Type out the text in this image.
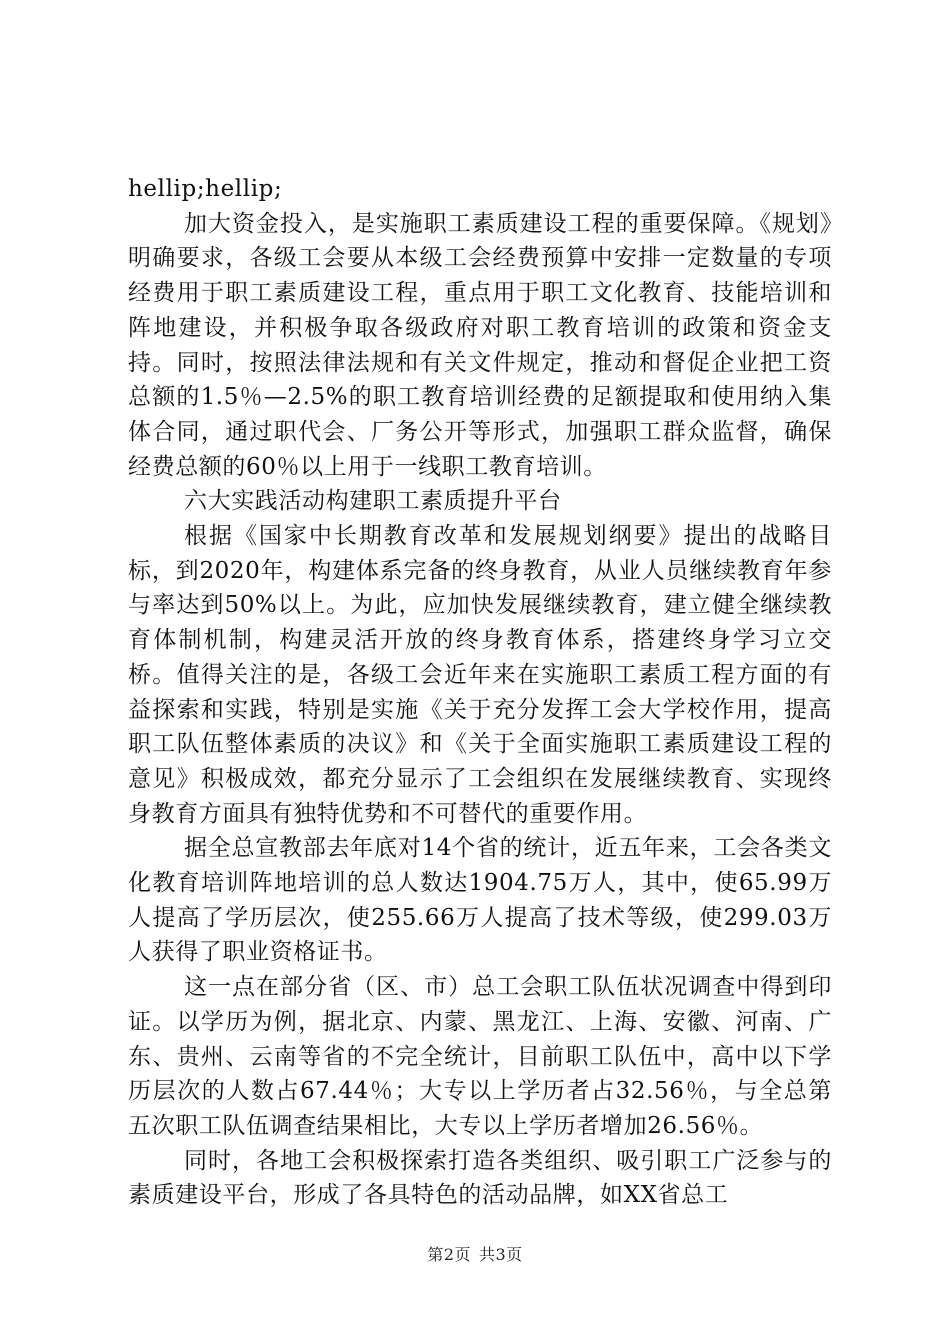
hellip;hellip;

加大资金投入，是实施职工素质建设工程的重要保障。《规划》明确要求，各级工会要从本级工会经费预算中安排一定数量的专项经费用于职工素质建设工程，重点用于职工文化教育、技能培训和阵地建设，并积极争取各级政府对职工教育培训的政策和资金支持。同时，按照法律法规和有关文件规定，推动和督促企业把工资总额的1.5％—2.5%的职工教育培训经费的足额提取和使用纳入集体合同，通过职代会、厂务公开等形式，加强职工群众监督，确保经费总额的60％以上用于一线职工教育培训。

六大实践活动构建职工素质提升平台

根据《国家中长期教育改革和发展规划纲要》提出的战略目标，到2020年，构建体系完备的终身教育，从业人员继续教育年参与率达到50%以上。为此，应加快发展继续教育，建立健全继续教育体制机制，构建灵活开放的终身教育体系，搭建终身学习立交桥。值得关注的是，各级工会近年来在实施职工素质工程方面的有益探索和实践，特别是实施《关于充分发挥工会大学校作用，提高职工队伍整体素质的决议》和《关于全面实施职工素质建设工程的意见》积极成效，都充分显示了工会组织在发展继续教育、实现终身教育方面具有独特优势和不可替代的重要作用。

据全总宣教部去年底对14个省的统计，近五年来，工会各类文化教育培训阵地培训的总人数达1904.75万人，其中，使65.99万人提高了学历层次，使255.66万人提高了技术等级，使299.03万人获得了职业资格证书。

这一点在部分省（区、市）总工会职工队伍状况调查中得到印证。以学历为例，据北京、内蒙、黑龙江、上海、安徽、河南、广东、贵州、云南等省的不完全统计，目前职工队伍中，高中以下学历层次的人数占67.44％；大专以上学历者占32.56％，与全总第五次职工队伍调查结果相比，大专以上学历者增加26.56％。

同时，各地工会积极探索打造各类组织、吸引职工广泛参与的素质建设平台，形成了各具特色的活动品牌，如XX省总工

第2页 共3页
